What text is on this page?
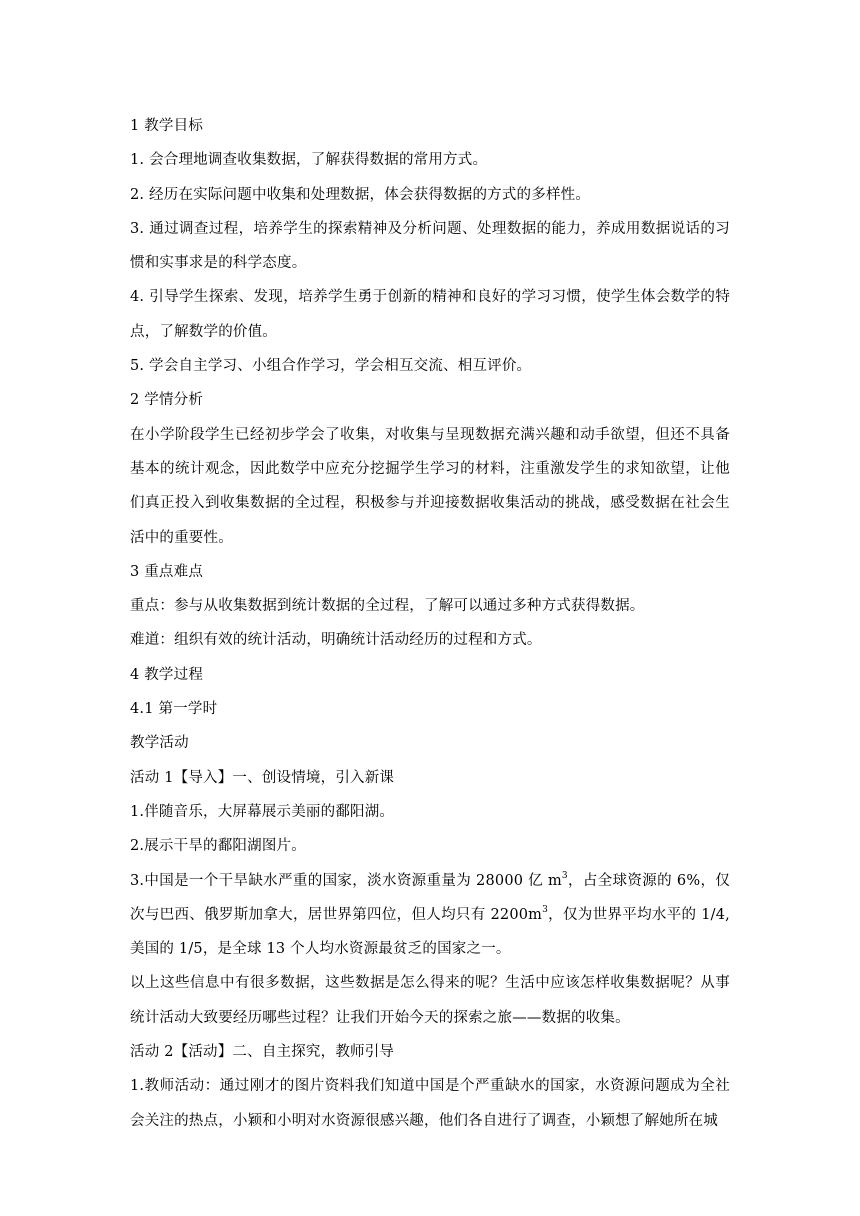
1 教学目标

1. 会合理地调查收集数据，了解获得数据的常用方式。

2. 经历在实际问题中收集和处理数据，体会获得数据的方式的多样性。

3. 通过调查过程，培养学生的探索精神及分析问题、处理数据的能力，养成用数据说话的习惯和实事求是的科学态度。

4. 引导学生探索、发现，培养学生勇于创新的精神和良好的学习习惯，使学生体会数学的特点，了解数学的价值。

5. 学会自主学习、小组合作学习，学会相互交流、相互评价。

2 学情分析

在小学阶段学生已经初步学会了收集，对收集与呈现数据充满兴趣和动手欲望，但还不具备基本的统计观念，因此数学中应充分挖掘学生学习的材料，注重激发学生的求知欲望，让他们真正投入到收集数据的全过程，积极参与并迎接数据收集活动的挑战，感受数据在社会生活中的重要性。

3 重点难点

重点：参与从收集数据到统计数据的全过程，了解可以通过多种方式获得数据。

难道：组织有效的统计活动，明确统计活动经历的过程和方式。

4 教学过程

4.1 第一学时

教学活动

活动 1【导入】一、创设情境，引入新课

1.伴随音乐，大屏幕展示美丽的鄱阳湖。

2.展示干旱的鄱阳湖图片。

3.中国是一个干旱缺水严重的国家，淡水资源重量为 28000 亿 $m^3$，占全球资源的 6%，仅次与巴西、俄罗斯加拿大，居世界第四位，但人均只有 $2200m^3$，仅为世界平均水平的 1/4,美国的 1/5，是全球 13 个人均水资源最贫乏的国家之一。

以上这些信息中有很多数据，这些数据是怎么得来的呢？生活中应该怎样收集数据呢？从事统计活动大致要经历哪些过程？让我们开始今天的探索之旅——数据的收集。

活动 2【活动】二、自主探究，教师引导

1.教师活动：通过刚才的图片资料我们知道中国是个严重缺水的国家，水资源问题成为全社会关注的热点，小颖和小明对水资源很感兴趣，他们各自进行了调查，小颖想了解她所在城
